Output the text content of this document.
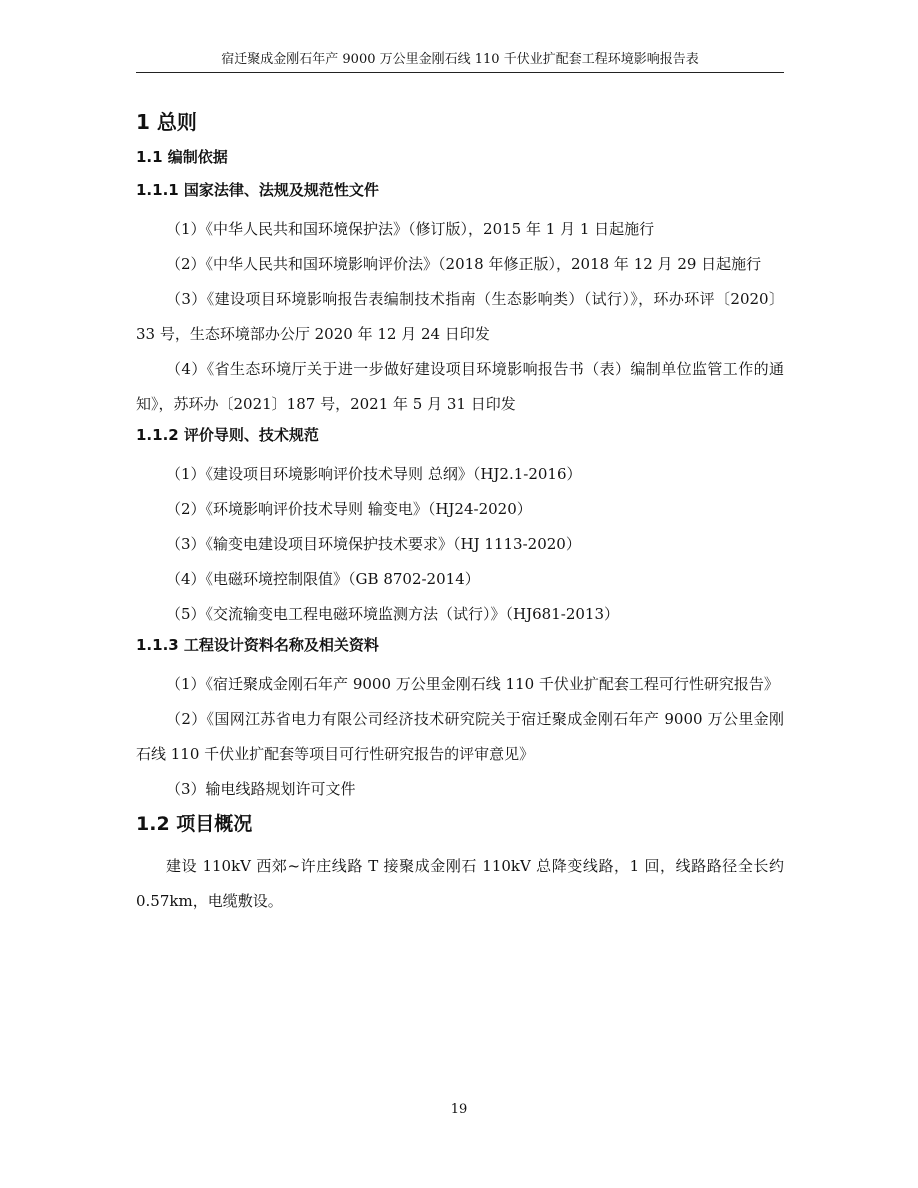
宿迁聚成金刚石年产 9000 万公里金刚石线 110 千伏业扩配套工程环境影响报告表
1 总则
1.1 编制依据
1.1.1 国家法律、法规及规范性文件

（1）《中华人民共和国环境保护法》（修订版），2015 年 1 月 1 日起施行

（2）《中华人民共和国环境影响评价法》（2018 年修正版），2018 年 12 月 29 日起施行

（3）《建设项目环境影响报告表编制技术指南（生态影响类）（试行）》，环办环评〔2020〕33 号，生态环境部办公厅 2020 年 12 月 24 日印发

（4）《省生态环境厅关于进一步做好建设项目环境影响报告书（表）编制单位监管工作的通知》，苏环办〔2021〕187 号，2021 年 5 月 31 日印发

1.1.2 评价导则、技术规范

（1）《建设项目环境影响评价技术导则 总纲》（HJ2.1-2016）

（2）《环境影响评价技术导则 输变电》（HJ24-2020）

（3）《输变电建设项目环境保护技术要求》（HJ 1113-2020）

（4）《电磁环境控制限值》（GB 8702-2014）

（5）《交流输变电工程电磁环境监测方法（试行）》（HJ681-2013）

1.1.3 工程设计资料名称及相关资料

（1）《宿迁聚成金刚石年产 9000 万公里金刚石线 110 千伏业扩配套工程可行性研究报告》

（2）《国网江苏省电力有限公司经济技术研究院关于宿迁聚成金刚石年产 9000 万公里金刚石线 110 千伏业扩配套等项目可行性研究报告的评审意见》

（3）输电线路规划许可文件

1.2 项目概况

建设 110kV 西郊~许庄线路 T 接聚成金刚石 110kV 总降变线路，1 回，线路路径全长约 0.57km，电缆敷设。

19
